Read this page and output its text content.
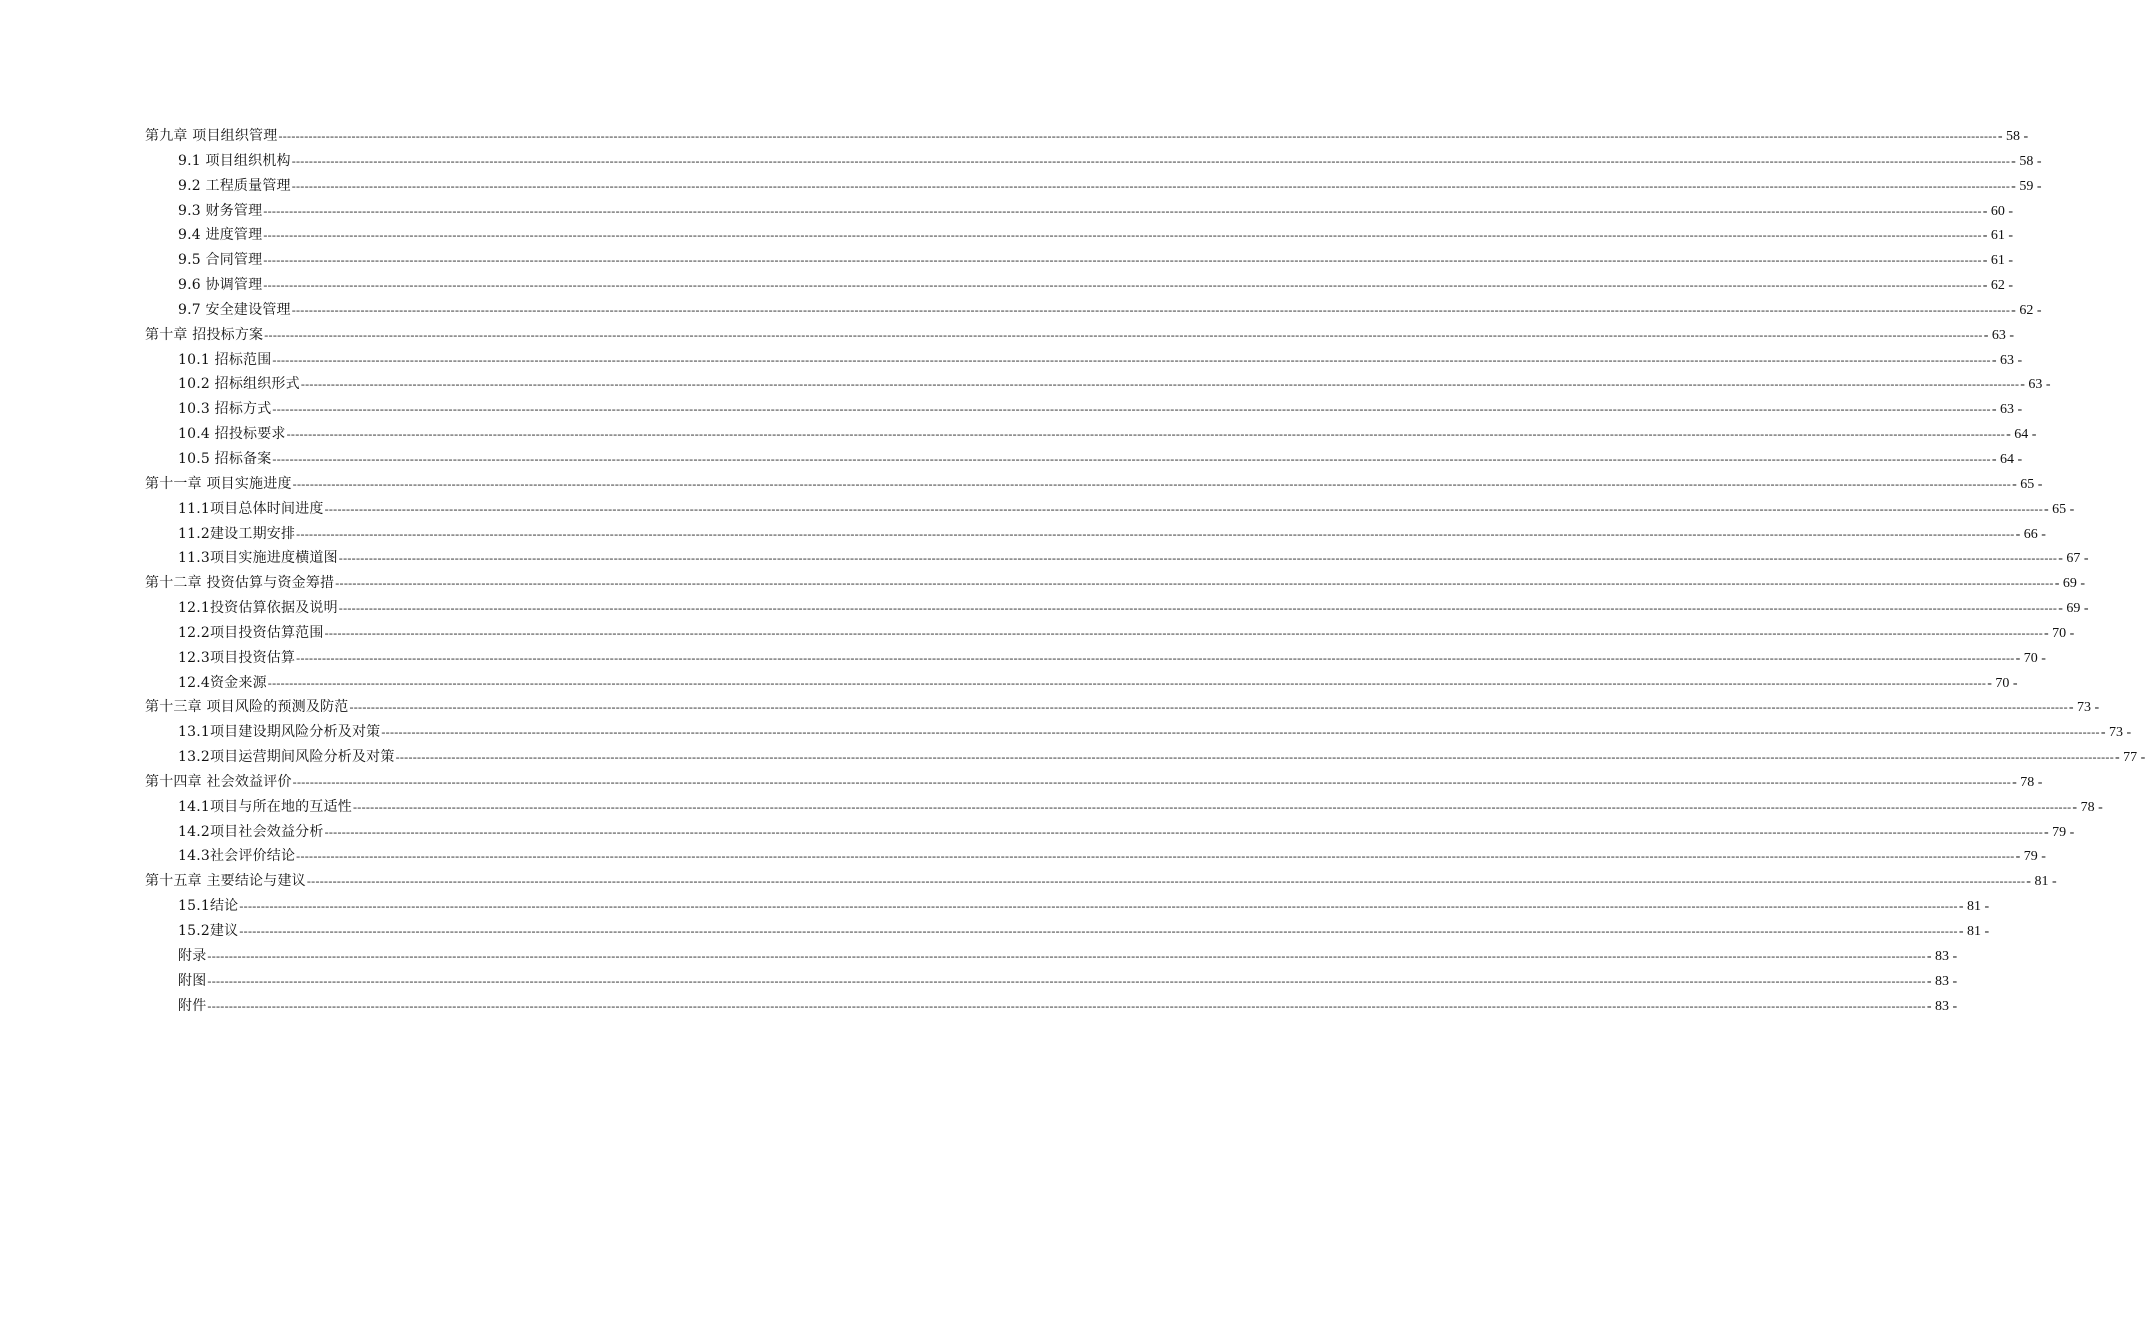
第九章 项目组织管理 ---------------------------------------------------------------------------------------------------------------------------------------------------------------------------------------------------------------------------------------------------------------------------------------------------------------------------------------------------------------------------------------------------------------- - 58 -
9.1 项目组织机构 ---------------------------------------------------------------------------------------------------------------------------------------------------------------------------------------------------------------------------------------------------------------------------------------------------------------------------------------------------------------------------------------------------------------- - 58 -
9.2 工程质量管理 ---------------------------------------------------------------------------------------------------------------------------------------------------------------------------------------------------------------------------------------------------------------------------------------------------------------------------------------------------------------------------------------------------------------- - 59 -
9.3 财务管理 ---------------------------------------------------------------------------------------------------------------------------------------------------------------------------------------------------------------------------------------------------------------------------------------------------------------------------------------------------------------------------------------------------------------- - 60 -
9.4 进度管理 ---------------------------------------------------------------------------------------------------------------------------------------------------------------------------------------------------------------------------------------------------------------------------------------------------------------------------------------------------------------------------------------------------------------- - 61 -
9.5 合同管理 ---------------------------------------------------------------------------------------------------------------------------------------------------------------------------------------------------------------------------------------------------------------------------------------------------------------------------------------------------------------------------------------------------------------- - 61 -
9.6 协调管理 ---------------------------------------------------------------------------------------------------------------------------------------------------------------------------------------------------------------------------------------------------------------------------------------------------------------------------------------------------------------------------------------------------------------- - 62 -
9.7 安全建设管理 ---------------------------------------------------------------------------------------------------------------------------------------------------------------------------------------------------------------------------------------------------------------------------------------------------------------------------------------------------------------------------------------------------------------- - 62 -
第十章 招投标方案 ---------------------------------------------------------------------------------------------------------------------------------------------------------------------------------------------------------------------------------------------------------------------------------------------------------------------------------------------------------------------------------------------------------------- - 63 -
10.1 招标范围 ---------------------------------------------------------------------------------------------------------------------------------------------------------------------------------------------------------------------------------------------------------------------------------------------------------------------------------------------------------------------------------------------------------------- - 63 -
10.2 招标组织形式 ---------------------------------------------------------------------------------------------------------------------------------------------------------------------------------------------------------------------------------------------------------------------------------------------------------------------------------------------------------------------------------------------------------------- - 63 -
10.3 招标方式 ---------------------------------------------------------------------------------------------------------------------------------------------------------------------------------------------------------------------------------------------------------------------------------------------------------------------------------------------------------------------------------------------------------------- - 63 -
10.4 招投标要求 ---------------------------------------------------------------------------------------------------------------------------------------------------------------------------------------------------------------------------------------------------------------------------------------------------------------------------------------------------------------------------------------------------------------- - 64 -
10.5 招标备案 ---------------------------------------------------------------------------------------------------------------------------------------------------------------------------------------------------------------------------------------------------------------------------------------------------------------------------------------------------------------------------------------------------------------- - 64 -
第十一章 项目实施进度 ---------------------------------------------------------------------------------------------------------------------------------------------------------------------------------------------------------------------------------------------------------------------------------------------------------------------------------------------------------------------------------------------------------------- - 65 -
11.1项目总体时间进度 ---------------------------------------------------------------------------------------------------------------------------------------------------------------------------------------------------------------------------------------------------------------------------------------------------------------------------------------------------------------------------------------------------------------- - 65 -
11.2建设工期安排 ---------------------------------------------------------------------------------------------------------------------------------------------------------------------------------------------------------------------------------------------------------------------------------------------------------------------------------------------------------------------------------------------------------------- - 66 -
11.3项目实施进度横道图 ---------------------------------------------------------------------------------------------------------------------------------------------------------------------------------------------------------------------------------------------------------------------------------------------------------------------------------------------------------------------------------------------------------------- - 67 -
第十二章 投资估算与资金筹措 ---------------------------------------------------------------------------------------------------------------------------------------------------------------------------------------------------------------------------------------------------------------------------------------------------------------------------------------------------------------------------------------------------------------- - 69 -
12.1投资估算依据及说明 ---------------------------------------------------------------------------------------------------------------------------------------------------------------------------------------------------------------------------------------------------------------------------------------------------------------------------------------------------------------------------------------------------------------- - 69 -
12.2项目投资估算范围 ---------------------------------------------------------------------------------------------------------------------------------------------------------------------------------------------------------------------------------------------------------------------------------------------------------------------------------------------------------------------------------------------------------------- - 70 -
12.3项目投资估算 ---------------------------------------------------------------------------------------------------------------------------------------------------------------------------------------------------------------------------------------------------------------------------------------------------------------------------------------------------------------------------------------------------------------- - 70 -
12.4资金来源 ---------------------------------------------------------------------------------------------------------------------------------------------------------------------------------------------------------------------------------------------------------------------------------------------------------------------------------------------------------------------------------------------------------------- - 70 -
第十三章 项目风险的预测及防范 ---------------------------------------------------------------------------------------------------------------------------------------------------------------------------------------------------------------------------------------------------------------------------------------------------------------------------------------------------------------------------------------------------------------- - 73 -
13.1项目建设期风险分析及对策 ---------------------------------------------------------------------------------------------------------------------------------------------------------------------------------------------------------------------------------------------------------------------------------------------------------------------------------------------------------------------------------------------------------------- - 73 -
13.2项目运营期间风险分析及对策 ---------------------------------------------------------------------------------------------------------------------------------------------------------------------------------------------------------------------------------------------------------------------------------------------------------------------------------------------------------------------------------------------------------------- - 77 -
第十四章 社会效益评价 ---------------------------------------------------------------------------------------------------------------------------------------------------------------------------------------------------------------------------------------------------------------------------------------------------------------------------------------------------------------------------------------------------------------- - 78 -
14.1项目与所在地的互适性 ---------------------------------------------------------------------------------------------------------------------------------------------------------------------------------------------------------------------------------------------------------------------------------------------------------------------------------------------------------------------------------------------------------------- - 78 -
14.2项目社会效益分析 ---------------------------------------------------------------------------------------------------------------------------------------------------------------------------------------------------------------------------------------------------------------------------------------------------------------------------------------------------------------------------------------------------------------- - 79 -
14.3社会评价结论 ---------------------------------------------------------------------------------------------------------------------------------------------------------------------------------------------------------------------------------------------------------------------------------------------------------------------------------------------------------------------------------------------------------------- - 79 -
第十五章 主要结论与建议 ---------------------------------------------------------------------------------------------------------------------------------------------------------------------------------------------------------------------------------------------------------------------------------------------------------------------------------------------------------------------------------------------------------------- - 81 -
15.1结论 ---------------------------------------------------------------------------------------------------------------------------------------------------------------------------------------------------------------------------------------------------------------------------------------------------------------------------------------------------------------------------------------------------------------- - 81 -
15.2建议 ---------------------------------------------------------------------------------------------------------------------------------------------------------------------------------------------------------------------------------------------------------------------------------------------------------------------------------------------------------------------------------------------------------------- - 81 -
附录 ---------------------------------------------------------------------------------------------------------------------------------------------------------------------------------------------------------------------------------------------------------------------------------------------------------------------------------------------------------------------------------------------------------------- - 83 -
附图 ---------------------------------------------------------------------------------------------------------------------------------------------------------------------------------------------------------------------------------------------------------------------------------------------------------------------------------------------------------------------------------------------------------------- - 83 -
附件 ---------------------------------------------------------------------------------------------------------------------------------------------------------------------------------------------------------------------------------------------------------------------------------------------------------------------------------------------------------------------------------------------------------------- - 83 -
